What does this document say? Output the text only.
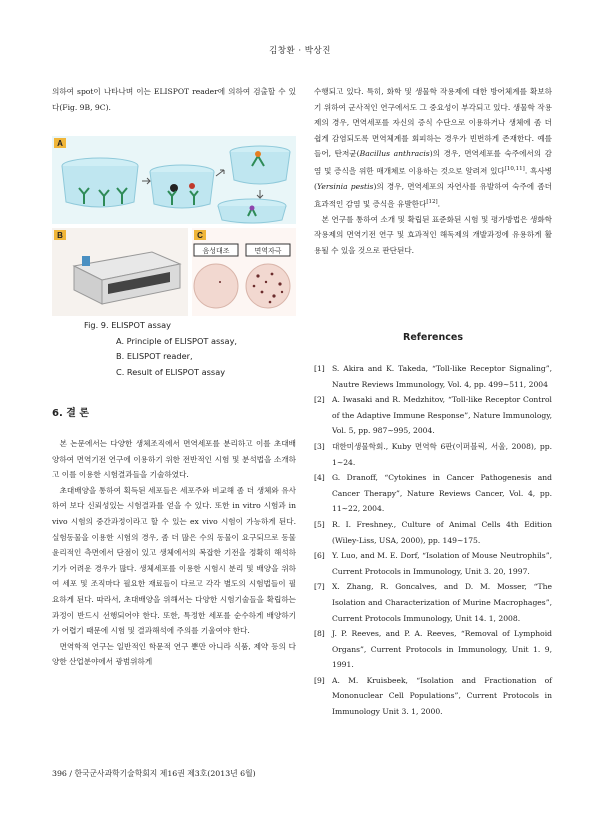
김창환 · 박상진

의하여 spot이 나타나며 이는 ELISPOT reader에 의하여 검출할 수 있다(Fig. 9B, 9C).

A
B	C
음성대조	면역자극
Fig. 9. ELISPOT assay
A. Principle of ELISPOT assay,
B. ELISPOT reader,
C. Result of ELISPOT assay
6. 결 론

본 논문에서는 다양한 생체조직에서 면역세포를 분리하고 이를 초대배양하여 면역기전 연구에 이용하기 위한 전반적인 시험 및 분석법을 소개하고 이를 이용한 시험결과들을 기술하였다.

초대배양을 통하여 획득된 세포들은 세포주와 비교해 좀 더 생체와 유사하여 보다 신뢰성있는 시험결과를 얻을 수 있다. 또한 in vitro 시험과 in vivo 시험의 중간과정이라고 할 수 있는 ex vivo 시험이 가능하게 된다. 실험동물을 이용한 시험의 경우, 좀 더 많은 수의 동물이 요구되므로 동물 윤리적인 측면에서 단점이 있고 생체에서의 복잡한 기전을 정확히 해석하기가 어려운 경우가 많다. 생체세포를 이용한 시험시 분리 및 배양을 위하여 세포 및 조직마다 필요한 재료들이 다르고 각각 별도의 시험법들이 필요하게 된다. 따라서, 초대배양을 위해서는 다양한 시험기술들을 확립하는 과정이 반드시 선행되어야 한다. 또한, 특정한 세포를 순수하게 배양하기가 어렵기 때문에 시험 및 결과해석에 주의를 기울여야 한다.

면역학적 연구는 일반적인 학문적 연구 뿐만 아니라 식품, 제약 등의 다양한 산업분야에서 광범위하게

수행되고 있다. 특히, 화학 및 생물학 작용제에 대한 방어체계를 확보하기 위하여 군사적인 연구에서도 그 중요성이 부각되고 있다. 생물학 작용제의 경우, 면역세포를 자신의 증식 수단으로 이용하거나 생체에 좀 더 쉽게 감염되도록 면역체계를 회피하는 경우가 빈번하게 존재한다. 예를 들어, 탄저균(Bacillus anthracis)의 경우, 면역세포를 숙주에서의 감염 및 증식을 위한 매개체로 이용하는 것으로 알려져 있다[10,11]. 흑사병(Yersinia pestis)의 경우, 면역세포의 자연사를 유발하여 숙주에 좀더 효과적인 감염 및 증식을 유발한다[12].

본 연구를 통하여 소개 및 확립된 표준화된 시험 및 평가방법은 생화학 작용제의 면역기전 연구 및 효과적인 해독제의 개발과정에 유용하게 활용될 수 있을 것으로 판단된다.

References
[1] S. Akira and K. Takeda, “Toll-like Receptor Signaling”, Nautre Reviews Immunology, Vol. 4, pp. 499∼511, 2004
[2] A. Iwasaki and R. Medzhitov, “Toll-like Receptor Control of the Adaptive Immune Response”, Nature Immunology, Vol. 5, pp. 987∼995, 2004.
[3] 대한미생물학회., Kuby 면역학 6판(이퍼블릭, 서울, 2008), pp. 1∼24.
[4] G. Dranoff, “Cytokines in Cancer Pathogenesis and Cancer Therapy”, Nature Reviews Cancer, Vol. 4, pp. 11∼22, 2004.
[5] R. I. Freshney., Culture of Animal Cells 4th Edition (Wiley-Liss, USA, 2000), pp. 149∼175.
[6] Y. Luo, and M. E. Dorf, “Isolation of Mouse Neutrophils”, Current Protocols in Immunology, Unit 3. 20, 1997.
[7] X. Zhang, R. Goncalves, and D. M. Mosser, “The Isolation and Characterization of Murine Macrophages”, Current Protocols Immunology, Unit 14. 1, 2008.
[8] J. P. Reeves, and P. A. Reeves, “Removal of Lymphoid Organs”, Current Protocols in Immunology, Unit 1. 9, 1991.
[9] A. M. Kruisbeek, “Isolation and Fractionation of Mononuclear Cell Populations”, Current Protocols in Immunology Unit 3. 1, 2000.
396 / 한국군사과학기술학회지 제16권 제3호(2013년 6월)
